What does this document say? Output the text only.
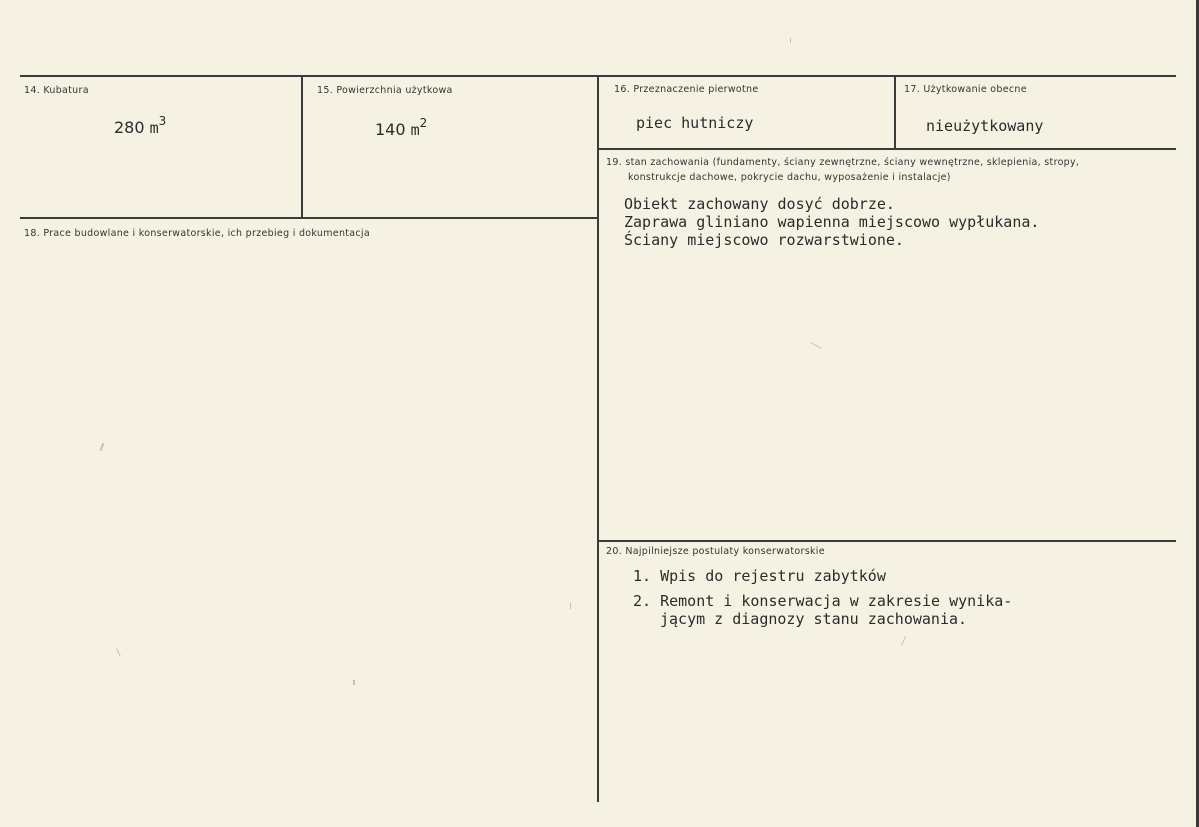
14. Kubatura
280 $m^3$
15. Powierzchnia użytkowa
140 $m^2$
16. Przeznaczenie pierwotne
piec hutniczy
17. Użytkowanie obecne
nieużytkowany
18. Prace budowlane i konserwatorskie, ich przebieg i dokumentacja
19. stan zachowania (fundamenty, ściany zewnętrzne, ściany wewnętrzne, sklepienia, stropy,
konstrukcje dachowe, pokrycie dachu, wyposażenie i instalacje)
Obiekt zachowany dosyć dobrze.
Zaprawa gliniano wapienna miejscowo wypłukana.
Ściany miejscowo rozwarstwione.
20. Najpilniejsze postulaty konserwatorskie
1. Wpis do rejestru zabytków
2. Remont i konserwacja w zakresie wynika-
jącym z diagnozy stanu zachowania.
